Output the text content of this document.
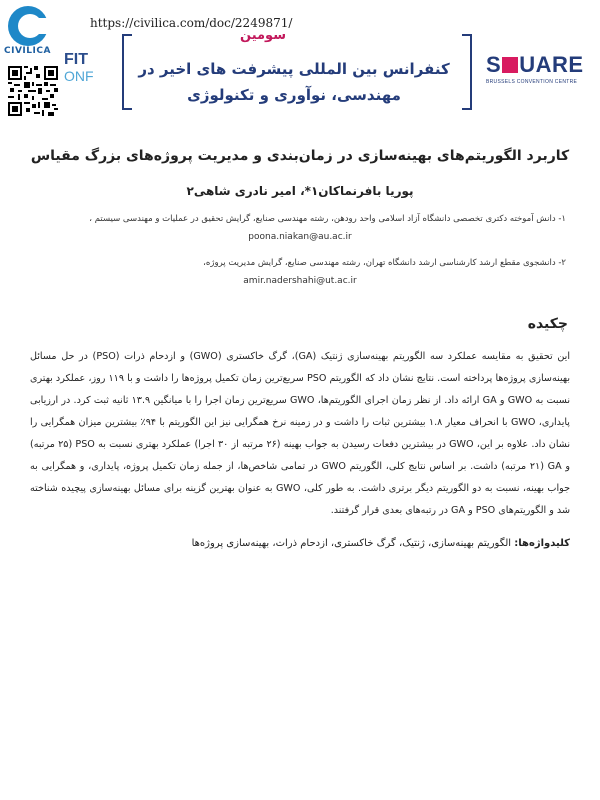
CIVILICA
https://civilica.com/doc/2249871/
FIT
ONF
سومین
کنفرانس بین المللی پیشرفت های اخیر در
مهندسی، نوآوری و تکنولوژی
S UARE
BRUSSELS CONVENTION CENTRE
کاربرد الگوریتم‌های بهینه‌سازی در زمان‌بندی و مدیریت پروژه‌های بزرگ مقیاس
پوریا بافرنماکان۱*، امیر نادری شاهی۲
۱- دانش آموخته دکتری تخصصی دانشگاه آزاد اسلامی واحد رودهن، رشته مهندسی صنایع، گرایش تحقیق در عملیات و مهندسی سیستم ،
poona.niakan@au.ac.ir
۲- دانشجوی مقطع ارشد کارشناسی ارشد دانشگاه تهران، رشته مهندسی صنایع، گرایش مدیریت پروژه،
amir.nadershahi@ut.ac.ir
چکیده
این تحقیق به مقایسه عملکرد سه الگوریتم بهینه‌سازی ژنتیک (GA)، گرگ خاکستری (GWO) و ازدحام ذرات (PSO) در حل مسائل بهینه‌سازی پروژه‌ها پرداخته است. نتایج نشان داد که الگوریتم PSO سریع‌ترین زمان تکمیل پروژه‌ها را داشت و با ۱۱۹ روز، عملکرد بهتری نسبت به GWO و GA ارائه داد. از نظر زمان اجرای الگوریتم‌ها، GWO سریع‌ترین زمان اجرا را با میانگین ۱۳.۹ ثانیه ثبت کرد. در ارزیابی پایداری، GWO با انحراف معیار ۱.۸ بیشترین ثبات را داشت و در زمینه نرخ همگرایی نیز این الگوریتم با ۹۴٪ بیشترین میزان همگرایی را نشان داد. علاوه بر این، GWO در بیشترین دفعات رسیدن به جواب بهینه (۲۶ مرتبه از ۳۰ اجرا) عملکرد بهتری نسبت به PSO (۲۵ مرتبه) و GA (۲۱ مرتبه) داشت. بر اساس نتایج کلی، الگوریتم GWO در تمامی شاخص‌ها، از جمله زمان تکمیل پروژه، پایداری، و همگرایی به جواب بهینه، نسبت به دو الگوریتم دیگر برتری داشت. به طور کلی، GWO به عنوان بهترین گزینه برای مسائل بهینه‌سازی پیچیده شناخته شد و الگوریتم‌های PSO و GA در رتبه‌های بعدی قرار گرفتند.
کلیدواژه‌ها: الگوریتم بهینه‌سازی، ژنتیک، گرگ خاکستری، ازدحام ذرات، بهینه‌سازی پروژه‌ها
